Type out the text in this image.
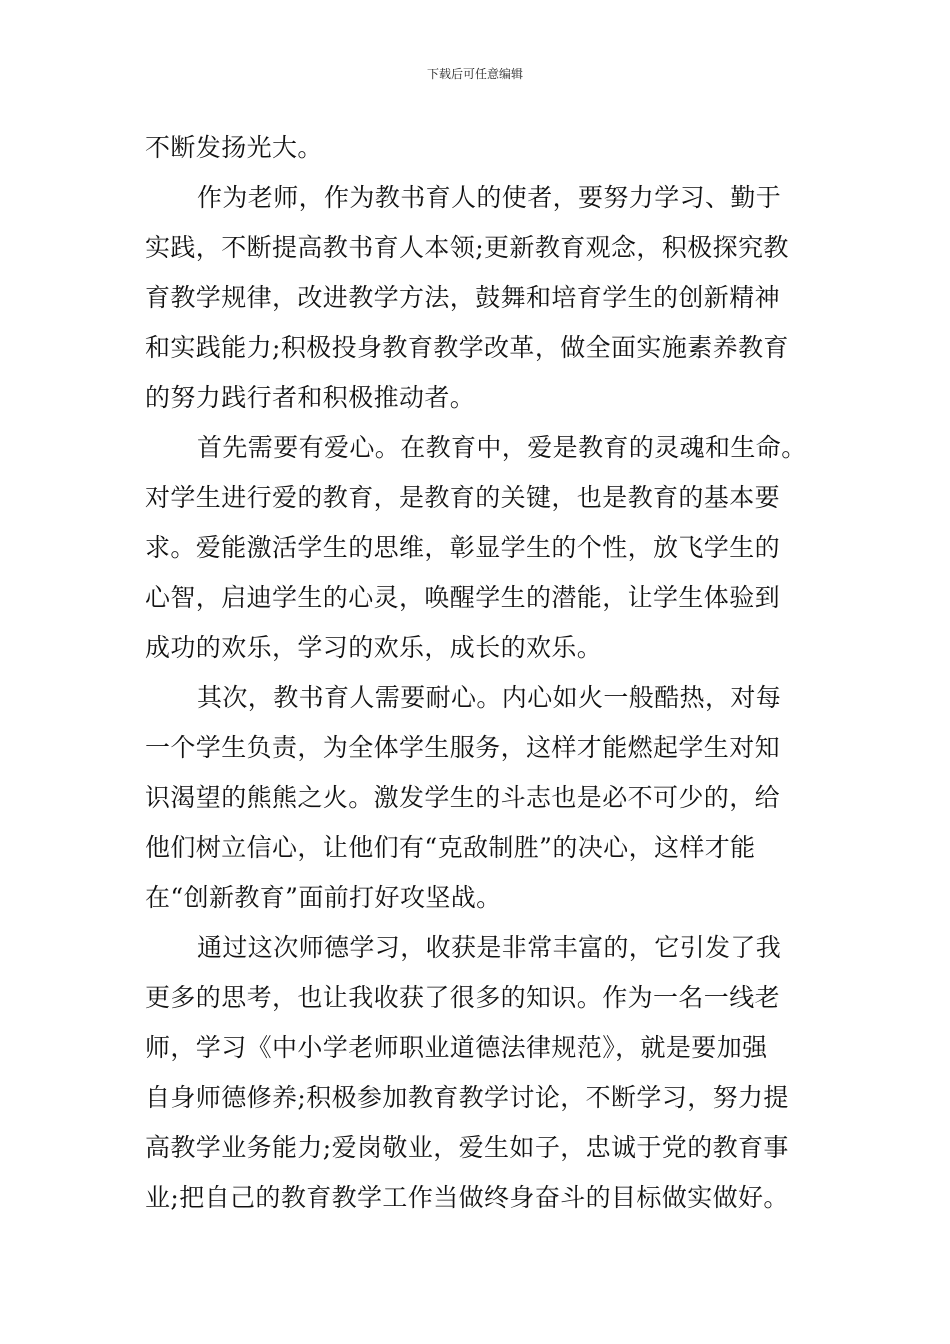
下载后可任意编辑
不断发扬光大。
作为老师，作为教书育人的使者，要努力学习、勤于
实践，不断提高教书育人本领;更新教育观念，积极探究教
育教学规律，改进教学方法，鼓舞和培育学生的创新精神
和实践能力;积极投身教育教学改革，做全面实施素养教育
的努力践行者和积极推动者。
首先需要有爱心。在教育中，爱是教育的灵魂和生命。
对学生进行爱的教育，是教育的关键，也是教育的基本要
求。爱能激活学生的思维，彰显学生的个性，放飞学生的
心智，启迪学生的心灵，唤醒学生的潜能，让学生体验到
成功的欢乐，学习的欢乐，成长的欢乐。
其次，教书育人需要耐心。内心如火一般酷热，对每
一个学生负责，为全体学生服务，这样才能燃起学生对知
识渴望的熊熊之火。激发学生的斗志也是必不可少的，给
他们树立信心，让他们有“克敌制胜”的决心，这样才能
在“创新教育”面前打好攻坚战。
通过这次师德学习，收获是非常丰富的，它引发了我
更多的思考，也让我收获了很多的知识。作为一名一线老
师，学习《中小学老师职业道德法律规范》，就是要加强
自身师德修养;积极参加教育教学讨论，不断学习，努力提
高教学业务能力;爱岗敬业，爱生如子，忠诚于党的教育事
业;把自己的教育教学工作当做终身奋斗的目标做实做好。
